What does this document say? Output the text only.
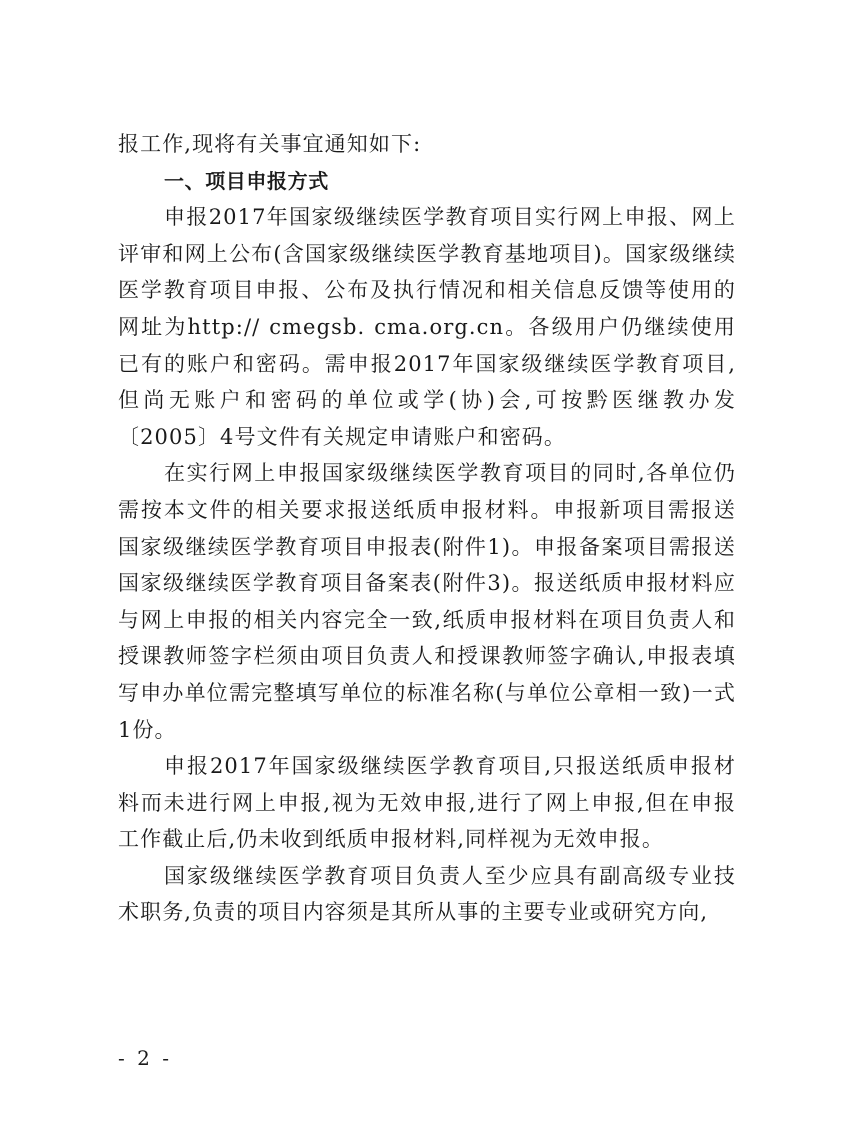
报工作,现将有关事宜通知如下:

一、项目申报方式

申报2017年国家级继续医学教育项目实行网上申报、网上评审和网上公布(含国家级继续医学教育基地项目)。国家级继续医学教育项目申报、公布及执行情况和相关信息反馈等使用的网址为http:// cmegsb. cma.org.cn。各级用户仍继续使用已有的账户和密码。需申报2017年国家级继续医学教育项目,但尚无账户和密码的单位或学(协)会,可按黔医继教办发〔2005〕4号文件有关规定申请账户和密码。

在实行网上申报国家级继续医学教育项目的同时,各单位仍需按本文件的相关要求报送纸质申报材料。申报新项目需报送国家级继续医学教育项目申报表(附件1)。申报备案项目需报送国家级继续医学教育项目备案表(附件3)。报送纸质申报材料应与网上申报的相关内容完全一致,纸质申报材料在项目负责人和授课教师签字栏须由项目负责人和授课教师签字确认,申报表填写申办单位需完整填写单位的标准名称(与单位公章相一致)一式1份。

申报2017年国家级继续医学教育项目,只报送纸质申报材料而未进行网上申报,视为无效申报,进行了网上申报,但在申报工作截止后,仍未收到纸质申报材料,同样视为无效申报。

国家级继续医学教育项目负责人至少应具有副高级专业技术职务,负责的项目内容须是其所从事的主要专业或研究方向,

- 2 -
